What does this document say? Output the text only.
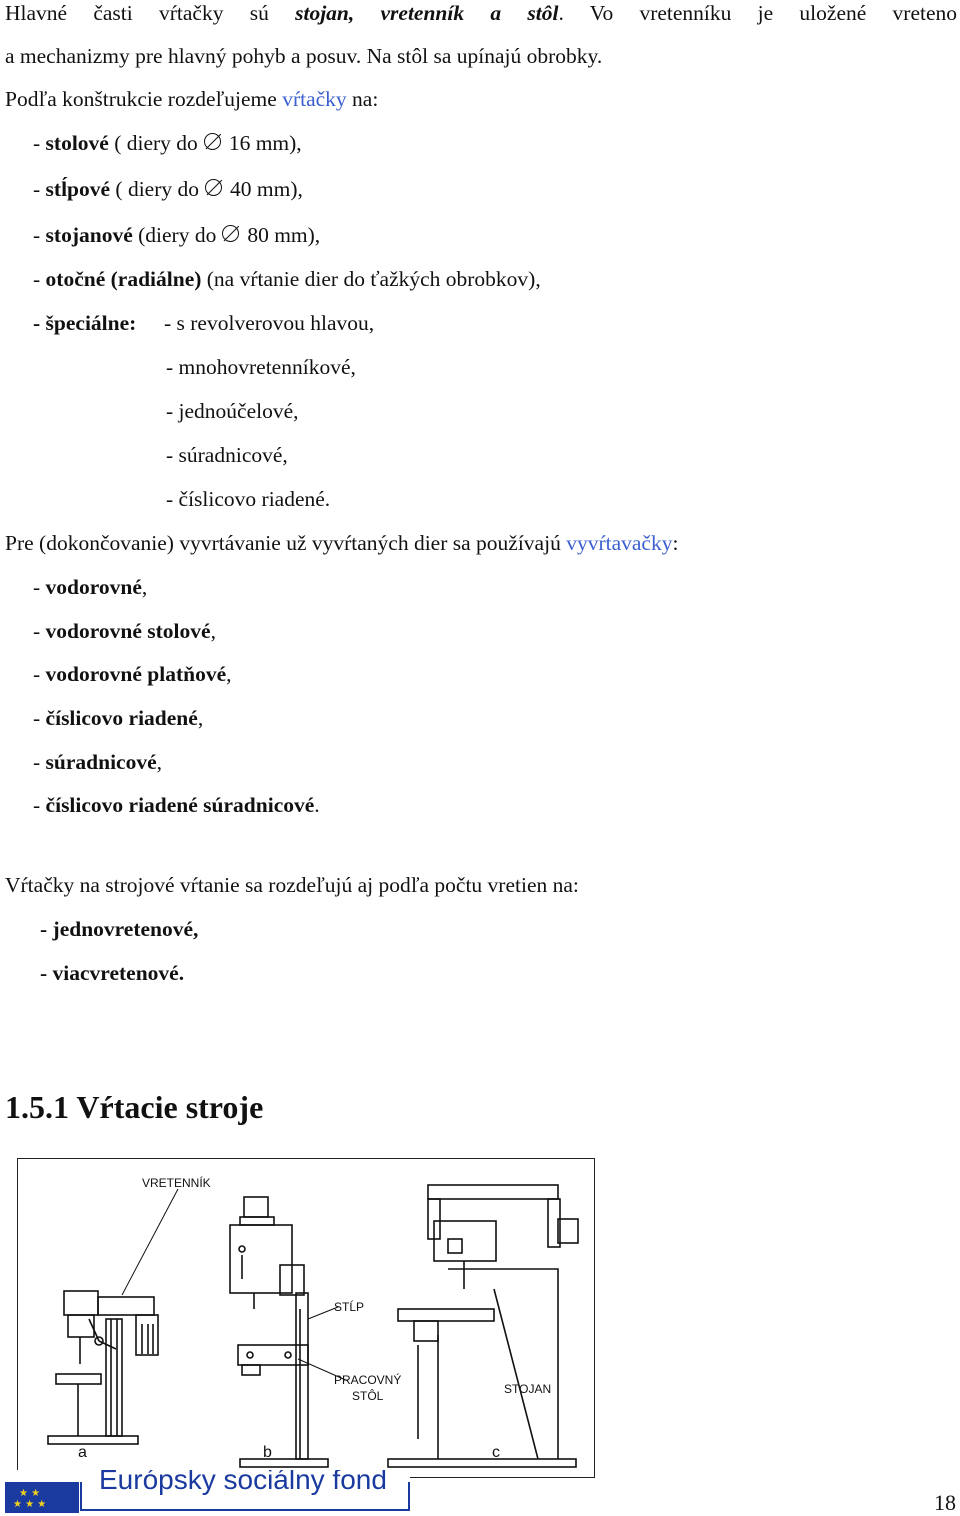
Hlavné časti vŕtačky sú stojan, vretenník a stôl. Vo vretenníku je uložené vreteno
a mechanizmy pre hlavný pohyb a posuv. Na stôl sa upínajú obrobky.
Podľa konštrukcie rozdeľujeme vŕtačky na:
- stolové ( diery do 16 mm),
- stĺpové ( diery do 40 mm),
- stojanové (diery do 80 mm),
- otočné (radiálne) (na vŕtanie dier do ťažkých obrobkov),
- špeciálne: - s revolverovou hlavou,
- mnohovretenníkové,
- jednoúčelové,
- súradnicové,
- číslicovo riadené.
Pre (dokončovanie) vyvrtávanie už vyvŕtaných dier sa používajú vyvŕtavačky:
- vodorovné,
- vodorovné stolové,
- vodorovné platňové,
- číslicovo riadené,
- súradnicové,
- číslicovo riadené súradnicové.
Vŕtačky na strojové vŕtanie sa rozdeľujú aj podľa počtu vretien na:
- jednovretenové,
- viacvretenové.
1.5.1 Vŕtacie stroje
VRETENNÍK
STĹP
PRACOVNÝ
STÔL	STOJAN
a	b	c
★ ★ ★
★ ★ Európsky sociálny fond
18
